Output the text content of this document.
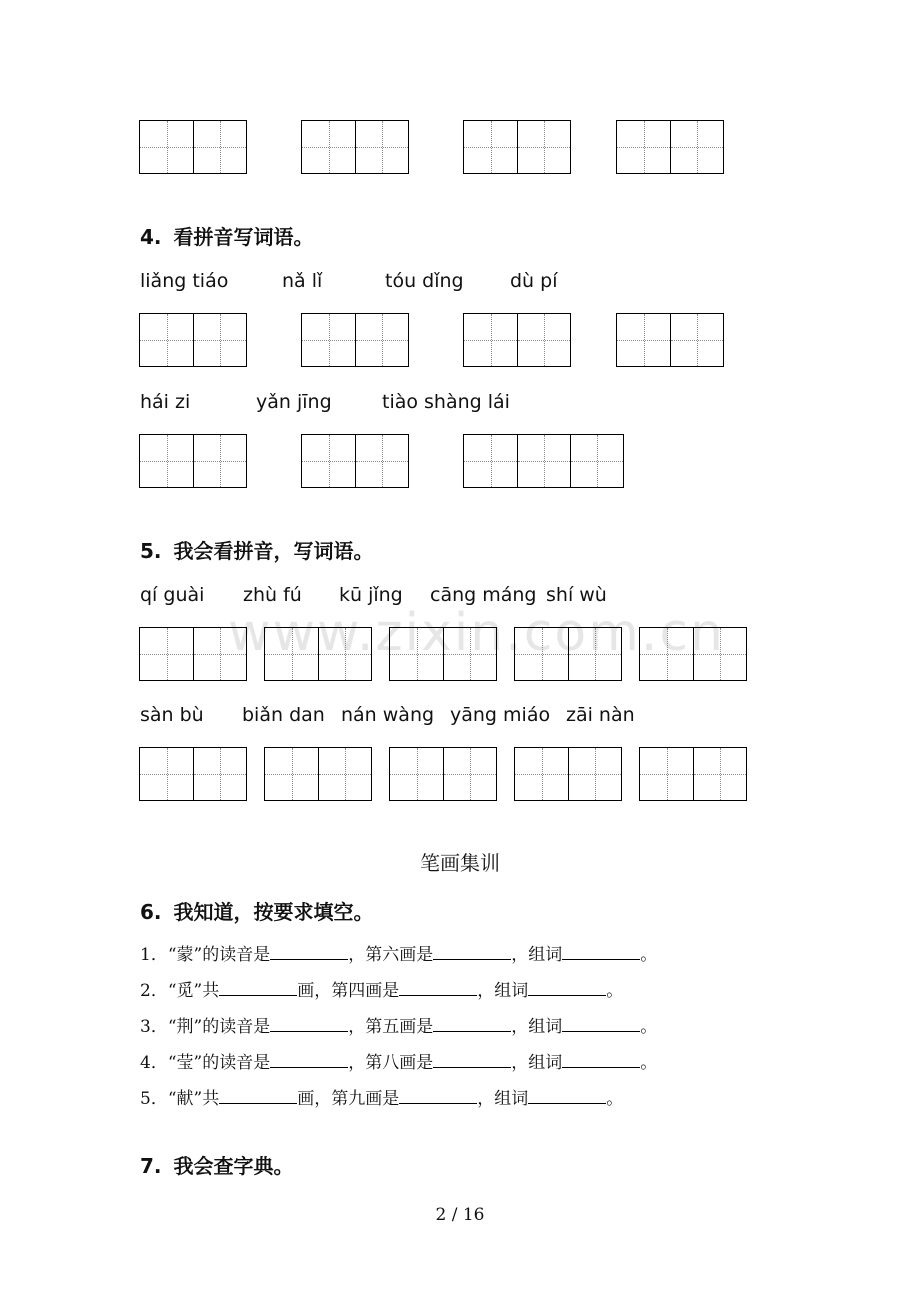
www.zixin.com.cn
4. 看拼音写词语。
liǎng tiáo	nǎ lǐ	tóu dǐng dù pí
hái zi	yǎn jīng	tiào shàng lái
5. 我会看拼音，写词语。
qí guài zhù fú kū jǐng cāng máng shí wù
sàn bù biǎn dan nán wàng yāng miáo zāi nàn
笔画集训
6. 我知道，按要求填空。
1．“蒙”的读音是	，第六画是	，组词	。
2．“觅”共	画，第四画是	，组词	。
3．“荆”的读音是	，第五画是	，组词	。
4．“莹”的读音是	，第八画是	，组词	。
5．“献”共	画，第九画是	，组词	。
7. 我会查字典。
2 / 16
